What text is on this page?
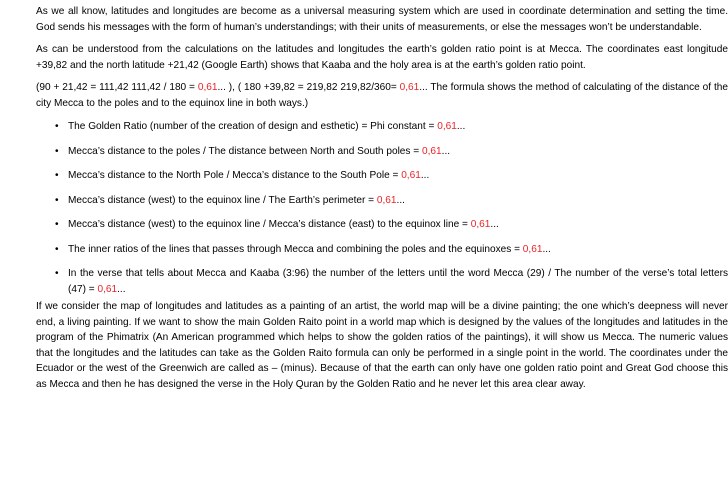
As we all know, latitudes and longitudes are become as a universal measuring system which are used in coordinate determination and setting the time. God sends his messages with the form of human’s understandings; with their units of measurements, or else the messages won’t be understandable.

As can be understood from the calculations on the latitudes and longitudes the earth’s golden ratio point is at Mecca. The coordinates east longitude +39,82 and the north latitude +21,42 (Google Earth) shows that Kaaba and the holy area is at the earth’s golden ratio point.

(90 + 21,42 = 111,42 111,42 / 180 = 0,61... ), ( 180 +39,82 = 219,82 219,82/360= 0,61... The formula shows the method of calculating of the distance of the city Mecca to the poles and to the equinox line in both ways.)

• The Golden Ratio (number of the creation of design and esthetic) = Phi constant = 0,61...
• Mecca’s distance to the poles / The distance between North and South poles = 0,61...
• Mecca’s distance to the North Pole / Mecca’s distance to the South Pole = 0,61...
• Mecca’s distance (west) to the equinox line / The Earth’s perimeter = 0,61...
• Mecca’s distance (west) to the equinox line / Mecca’s distance (east) to the equinox line = 0,61...
• The inner ratios of the lines that passes through Mecca and combining the poles and the equinoxes = 0,61...
• In the verse that tells about Mecca and Kaaba (3:96) the number of the letters until the word Mecca (29) / The number of the verse’s total letters (47) = 0,61...

If we consider the map of longitudes and latitudes as a painting of an artist, the world map will be a divine painting; the one which’s deepness will never end, a living painting. If we want to show the main Golden Raito point in a world map which is designed by the values of the longitudes and latitudes in the program of the Phimatrix (An American programmed which helps to show the golden ratios of the paintings), it will show us Mecca. The numeric values that the longitudes and the latitudes can take as the Golden Raito formula can only be performed in a single point in the world. The coordinates under the Ecuador or the west of the Greenwich are called as – (minus). Because of that the earth can only have one golden ratio point and Great God choose this as Mecca and then he has designed the verse in the Holy Quran by the Golden Ratio and he never let this area clear away.
